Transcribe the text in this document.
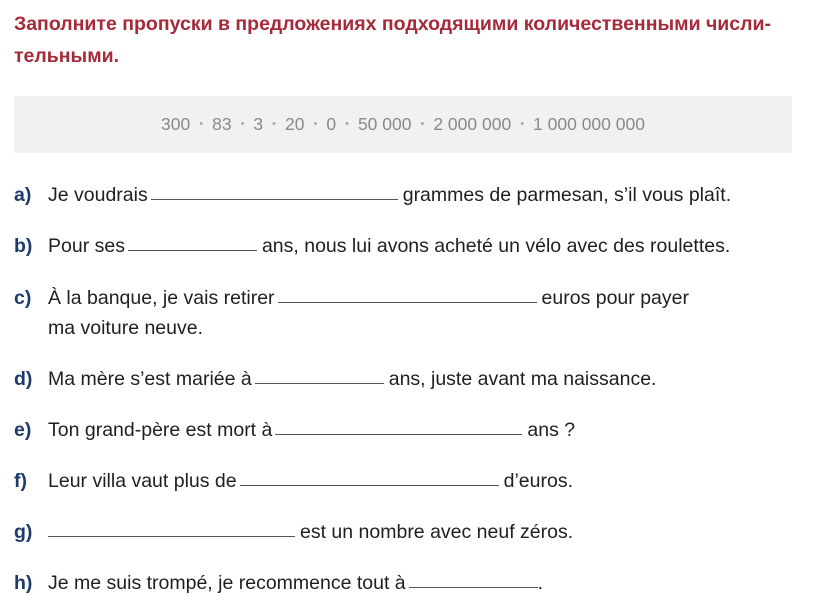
Заполните пропуски в предложениях подходящими количественными числи-
тельными.
300 • 83 • 3 • 20 • 0 • 50 000 • 2 000 000 • 1 000 000 000
a) Je voudrais	grammes de parmesan, s’il vous plaît.
b) Pour ses	ans, nous lui avons acheté un vélo avec des roulettes.
c) À la banque, je vais retirer	euros pour payer
ma voiture neuve.
d) Ma mère s’est mariée à	ans, juste avant ma naissance.
e) Ton grand-père est mort à	ans ?
f)	Leur villa vaut plus de	d’euros.
g)	est un nombre avec neuf zéros.
h) Je me suis trompé, je recommence tout à	.
